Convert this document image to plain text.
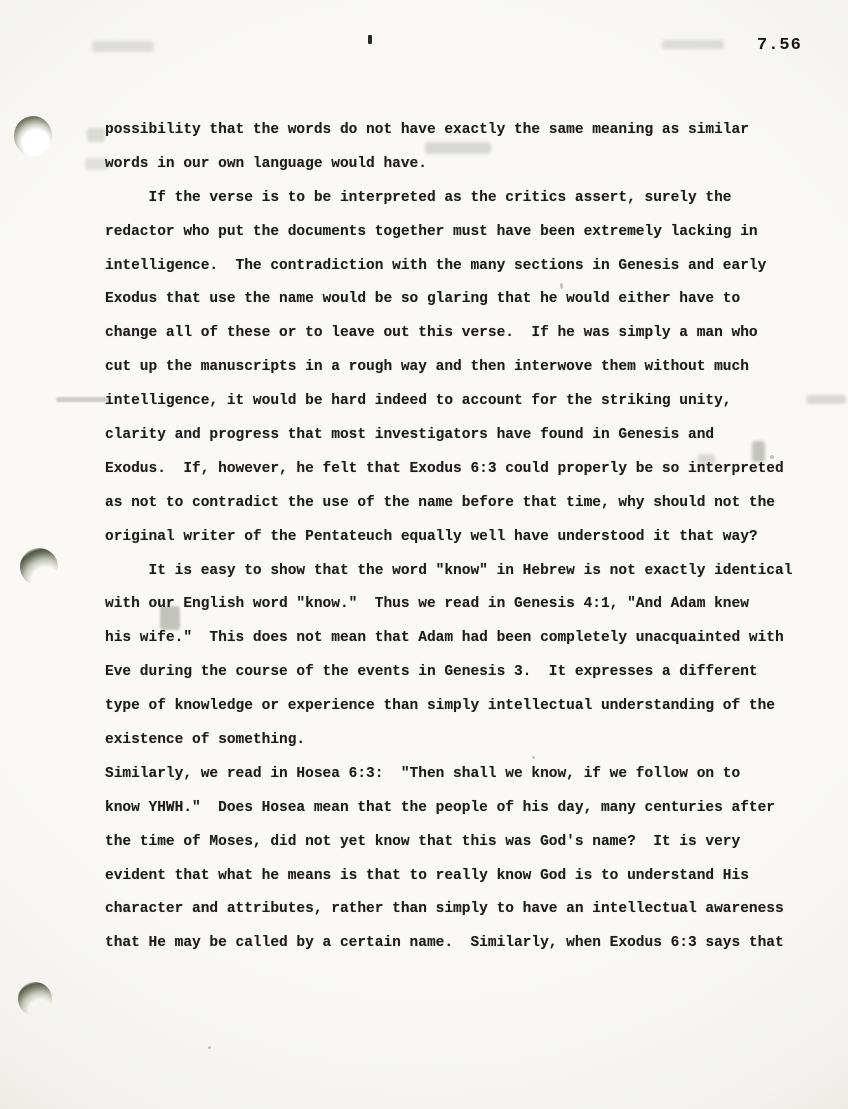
7.56
possibility that the words do not have exactly the same meaning as similar
words in our own language would have.
If the verse is to be interpreted as the critics assert, surely the
redactor who put the documents together must have been extremely lacking in
intelligence.  The contradiction with the many sections in Genesis and early
Exodus that use the name would be so glaring that he would either have to
change all of these or to leave out this verse.  If he was simply a man who
cut up the manuscripts in a rough way and then interwove them without much
intelligence, it would be hard indeed to account for the striking unity,
clarity and progress that most investigators have found in Genesis and
Exodus.  If, however, he felt that Exodus 6:3 could properly be so interpreted
as not to contradict the use of the name before that time, why should not the
original writer of the Pentateuch equally well have understood it that way?
It is easy to show that the word "know" in Hebrew is not exactly identical
with our English word "know."  Thus we read in Genesis 4:1, "And Adam knew
his wife."  This does not mean that Adam had been completely unacquainted with
Eve during the course of the events in Genesis 3.  It expresses a different
type of knowledge or experience than simply intellectual understanding of the
existence of something.
Similarly, we read in Hosea 6:3:  "Then shall we know, if we follow on to
know YHWH."  Does Hosea mean that the people of his day, many centuries after
the time of Moses, did not yet know that this was God's name?  It is very
evident that what he means is that to really know God is to understand His
character and attributes, rather than simply to have an intellectual awareness
that He may be called by a certain name.  Similarly, when Exodus 6:3 says that
